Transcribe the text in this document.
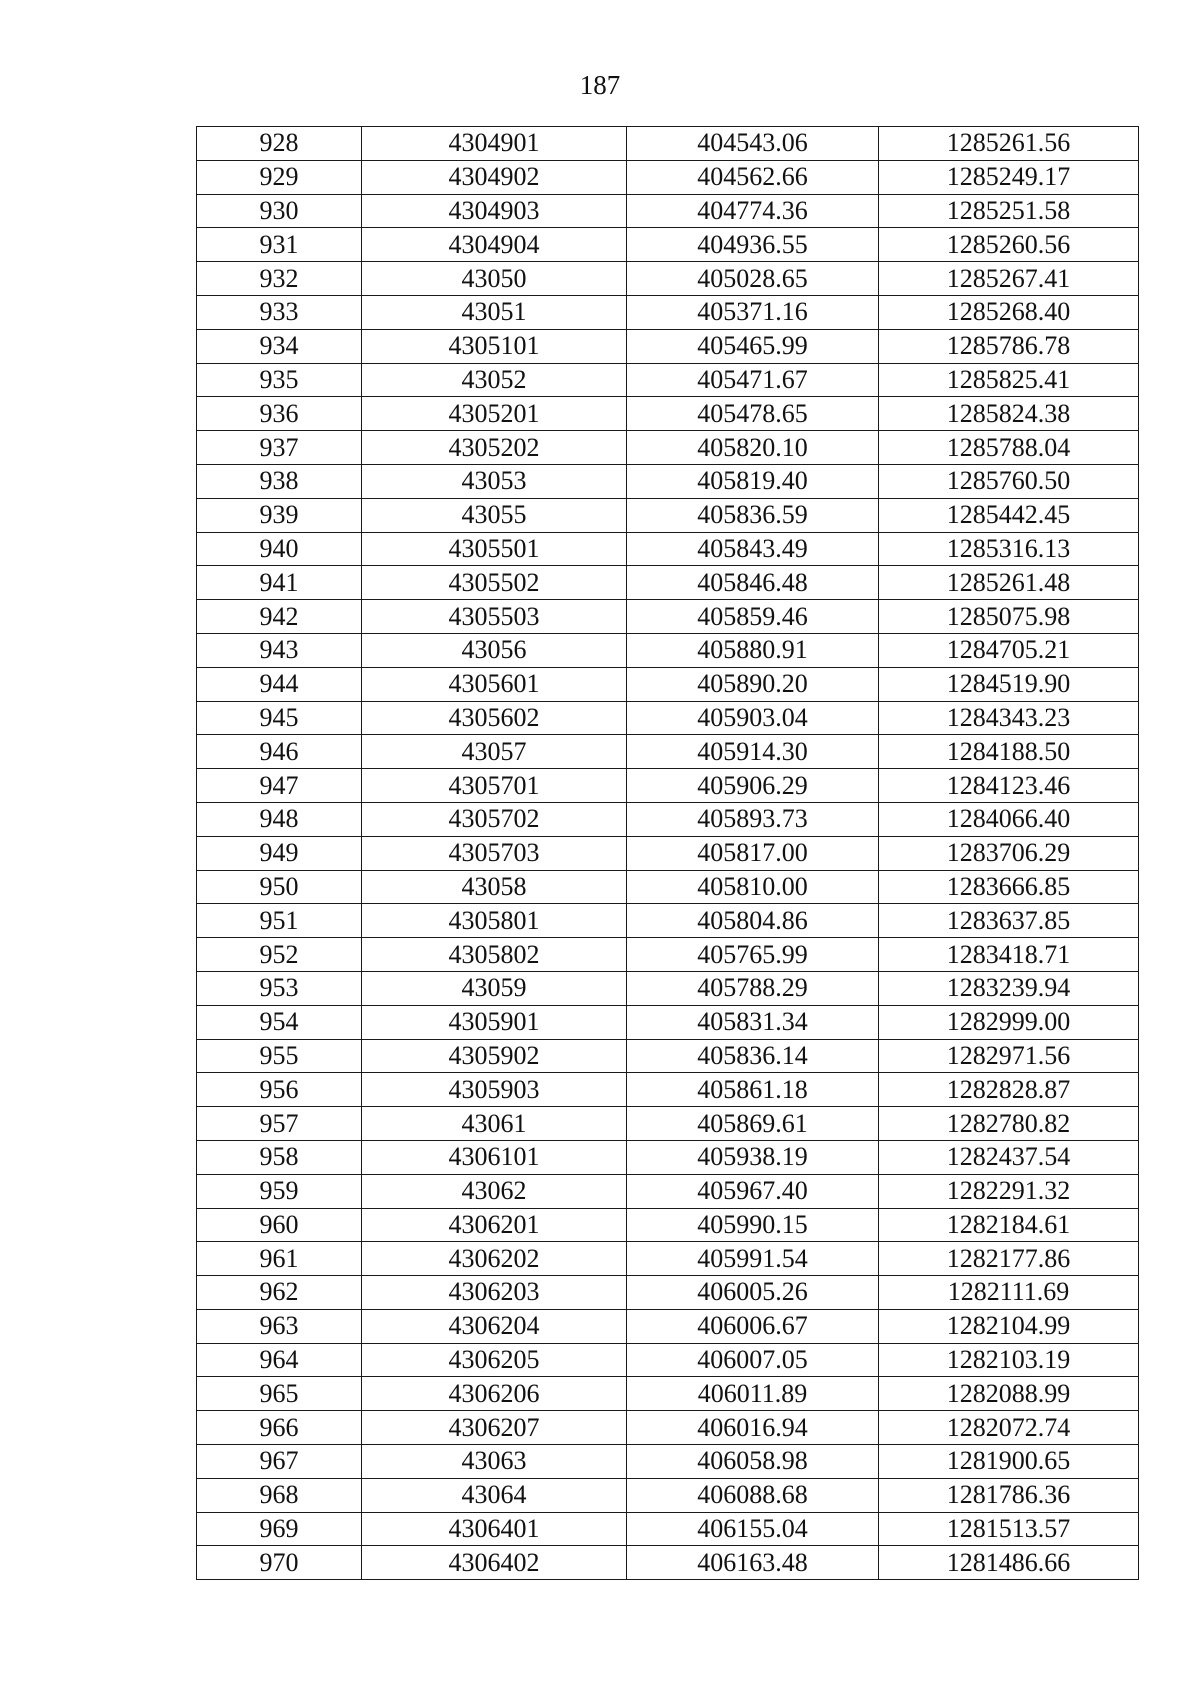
187
928	4304901	404543.06	1285261.56
929	4304902	404562.66	1285249.17
930	4304903	404774.36	1285251.58
931	4304904	404936.55	1285260.56
932	43050	405028.65	1285267.41
933	43051	405371.16	1285268.40
934	4305101	405465.99	1285786.78
935	43052	405471.67	1285825.41
936	4305201	405478.65	1285824.38
937	4305202	405820.10	1285788.04
938	43053	405819.40	1285760.50
939	43055	405836.59	1285442.45
940	4305501	405843.49	1285316.13
941	4305502	405846.48	1285261.48
942	4305503	405859.46	1285075.98
943	43056	405880.91	1284705.21
944	4305601	405890.20	1284519.90
945	4305602	405903.04	1284343.23
946	43057	405914.30	1284188.50
947	4305701	405906.29	1284123.46
948	4305702	405893.73	1284066.40
949	4305703	405817.00	1283706.29
950	43058	405810.00	1283666.85
951	4305801	405804.86	1283637.85
952	4305802	405765.99	1283418.71
953	43059	405788.29	1283239.94
954	4305901	405831.34	1282999.00
955	4305902	405836.14	1282971.56
956	4305903	405861.18	1282828.87
957	43061	405869.61	1282780.82
958	4306101	405938.19	1282437.54
959	43062	405967.40	1282291.32
960	4306201	405990.15	1282184.61
961	4306202	405991.54	1282177.86
962	4306203	406005.26	1282111.69
963	4306204	406006.67	1282104.99
964	4306205	406007.05	1282103.19
965	4306206	406011.89	1282088.99
966	4306207	406016.94	1282072.74
967	43063	406058.98	1281900.65
968	43064	406088.68	1281786.36
969	4306401	406155.04	1281513.57
970	4306402	406163.48	1281486.66
